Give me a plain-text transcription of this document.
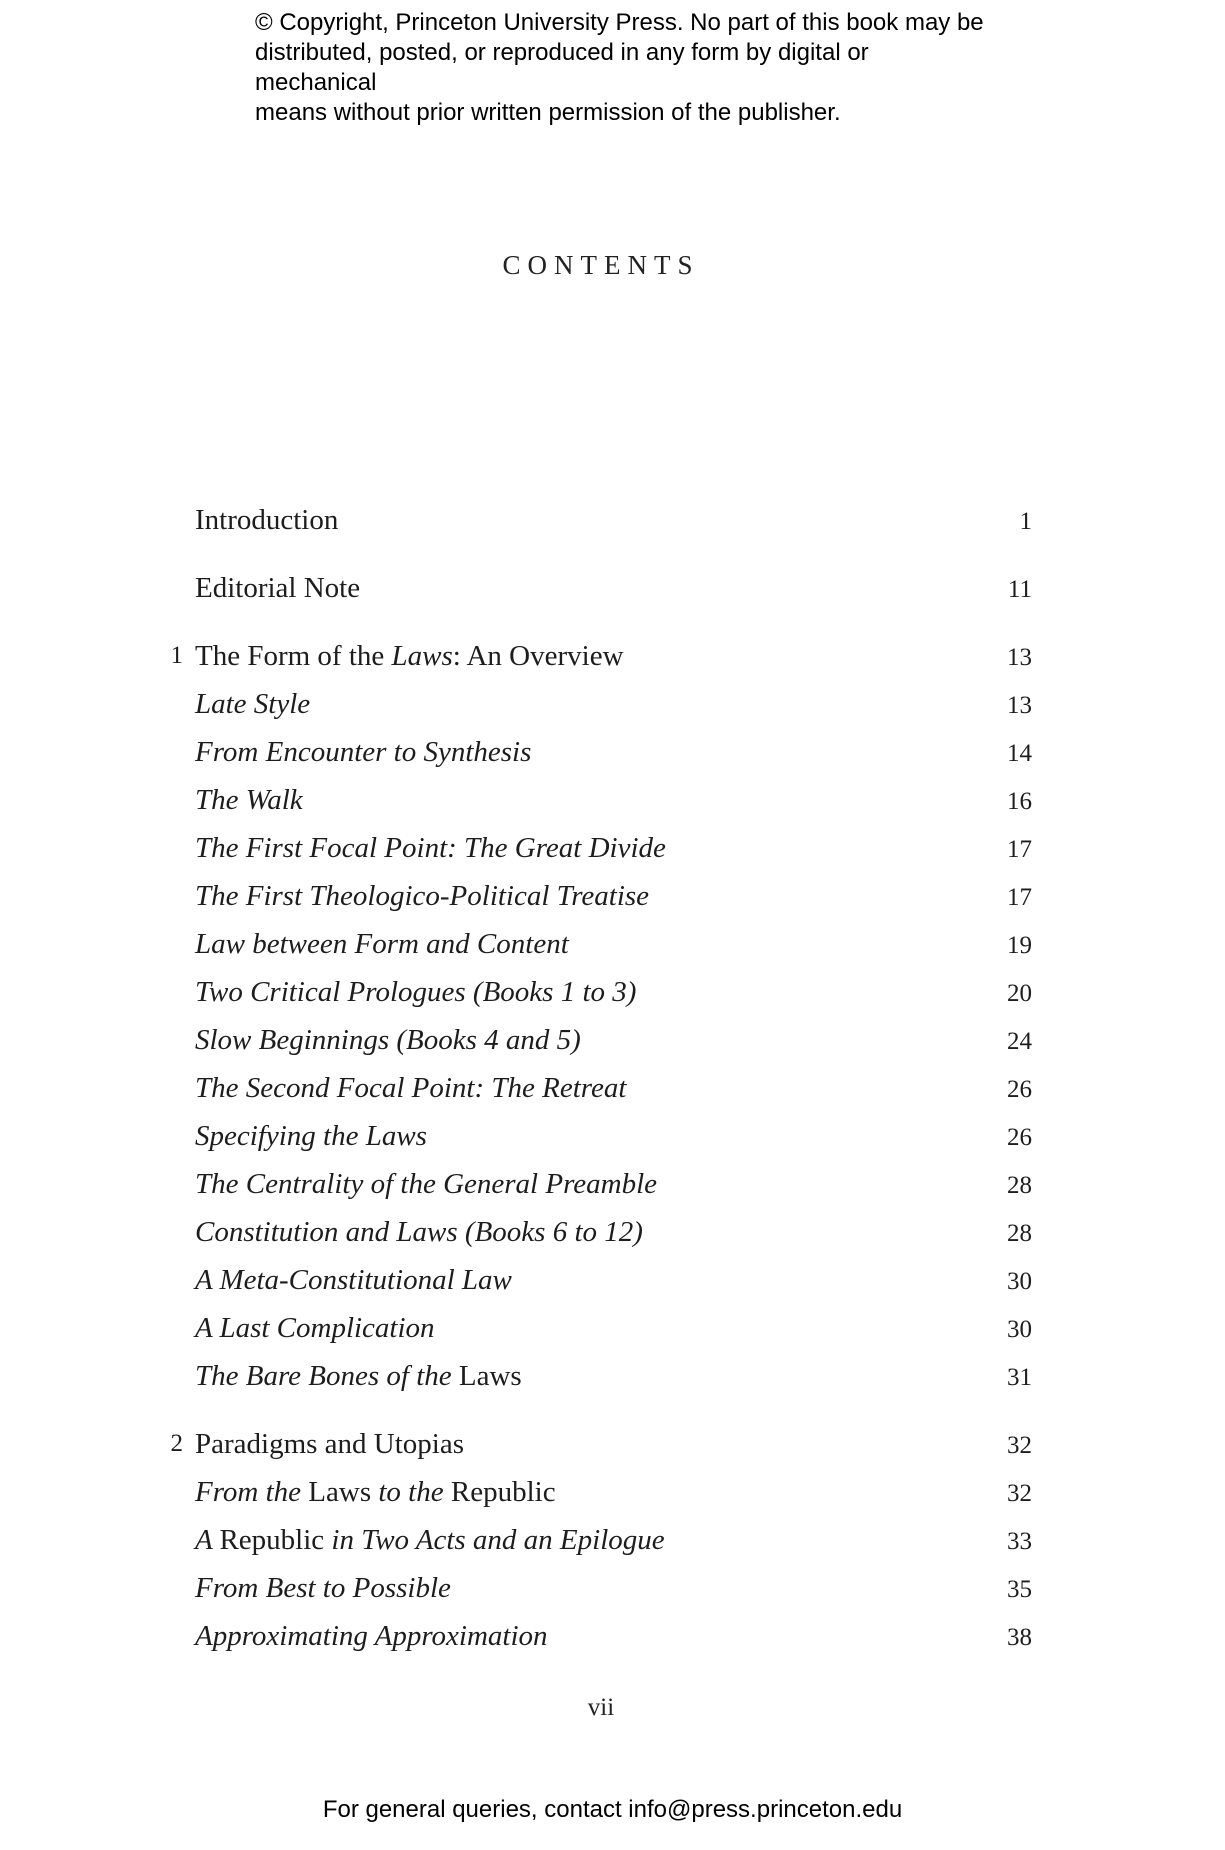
© Copyright, Princeton University Press. No part of this book may be
distributed, posted, or reproduced in any form by digital or mechanical
means without prior written permission of the publisher.
CONTENTS
Introduction	1
Editorial Note	11
1 The Form of the Laws: An Overview	13
Late Style	13
From Encounter to Synthesis	14
The Walk	16
The First Focal Point: The Great Divide	17
The First Theologico-Political Treatise	17
Law between Form and Content	19
Two Critical Prologues (Books 1 to 3)	20
Slow Beginnings (Books 4 and 5)	24
The Second Focal Point: The Retreat	26
Specifying the Laws	26
The Centrality of the General Preamble	28
Constitution and Laws (Books 6 to 12)	28
A Meta-Constitutional Law	30
A Last Complication	30
The Bare Bones of the Laws	31
2 Paradigms and Utopias	32
From the Laws to the Republic	32
A Republic in Two Acts and an Epilogue	33
From Best to Possible	35
Approximating Approximation	38
vii
For general queries, contact info@press.princeton.edu
